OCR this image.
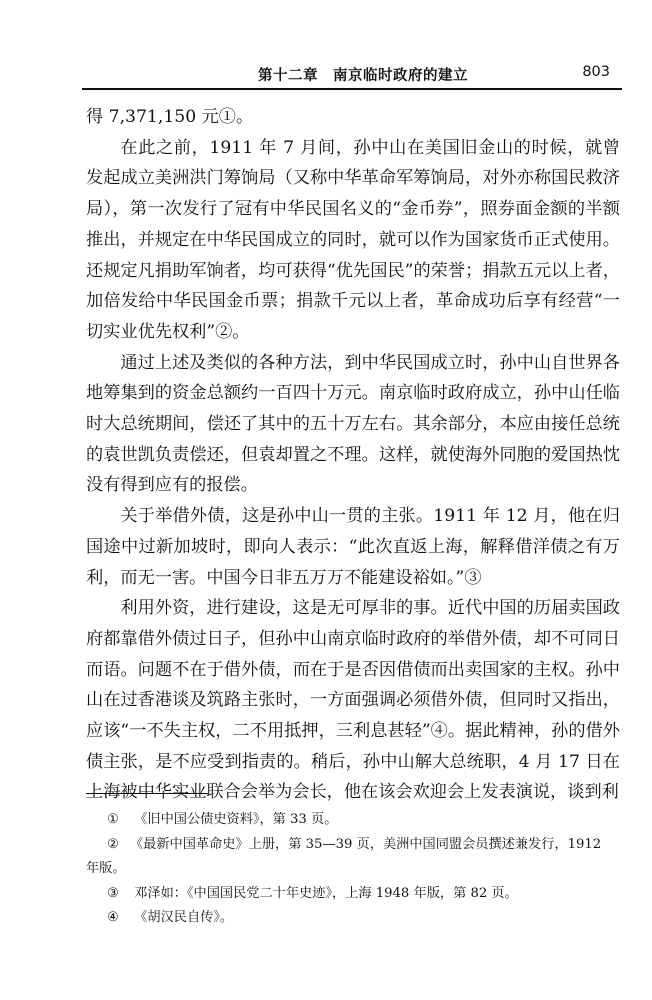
第十二章　南京临时政府的建立	803

得 7,371,150 元①。

在此之前，1911 年 7 月间，孙中山在美国旧金山的时候，就曾发起成立美洲洪门筹饷局（又称中华革命军筹饷局，对外亦称国民救济局），第一次发行了冠有中华民国名义的“金币券”，照券面金额的半额推出，并规定在中华民国成立的同时，就可以作为国家货币正式使用。还规定凡捐助军饷者，均可获得“优先国民”的荣誉；捐款五元以上者，加倍发给中华民国金币票；捐款千元以上者，革命成功后享有经营“一切实业优先权利”②。

通过上述及类似的各种方法，到中华民国成立时，孙中山自世界各地筹集到的资金总额约一百四十万元。南京临时政府成立，孙中山任临时大总统期间，偿还了其中的五十万左右。其余部分，本应由接任总统的袁世凯负责偿还，但袁却置之不理。这样，就使海外同胞的爱国热忱没有得到应有的报偿。

关于举借外债，这是孙中山一贯的主张。1911 年 12 月，他在归国途中过新加坡时，即向人表示：“此次直返上海，解释借洋债之有万利，而无一害。中国今日非五万万不能建设裕如。”③

利用外资，进行建设，这是无可厚非的事。近代中国的历届卖国政府都靠借外债过日子，但孙中山南京临时政府的举借外债，却不可同日而语。问题不在于借外债，而在于是否因借债而出卖国家的主权。孙中山在过香港谈及筑路主张时，一方面强调必须借外债，但同时又指出，应该“一不失主权，二不用抵押，三利息甚轻”④。据此精神，孙的借外债主张，是不应受到指责的。稍后，孙中山解大总统职，4 月 17 日在上海被中华实业联合会举为会长，他在该会欢迎会上发表演说，谈到利

① 《旧中国公债史资料》，第 33 页。

② 《最新中国革命史》上册，第 35—39 页，美洲中国同盟会员撰述兼发行，1912
年版。

③ 邓泽如：《中国国民党二十年史迹》，上海 1948 年版，第 82 页。

④ 《胡汉民自传》。
